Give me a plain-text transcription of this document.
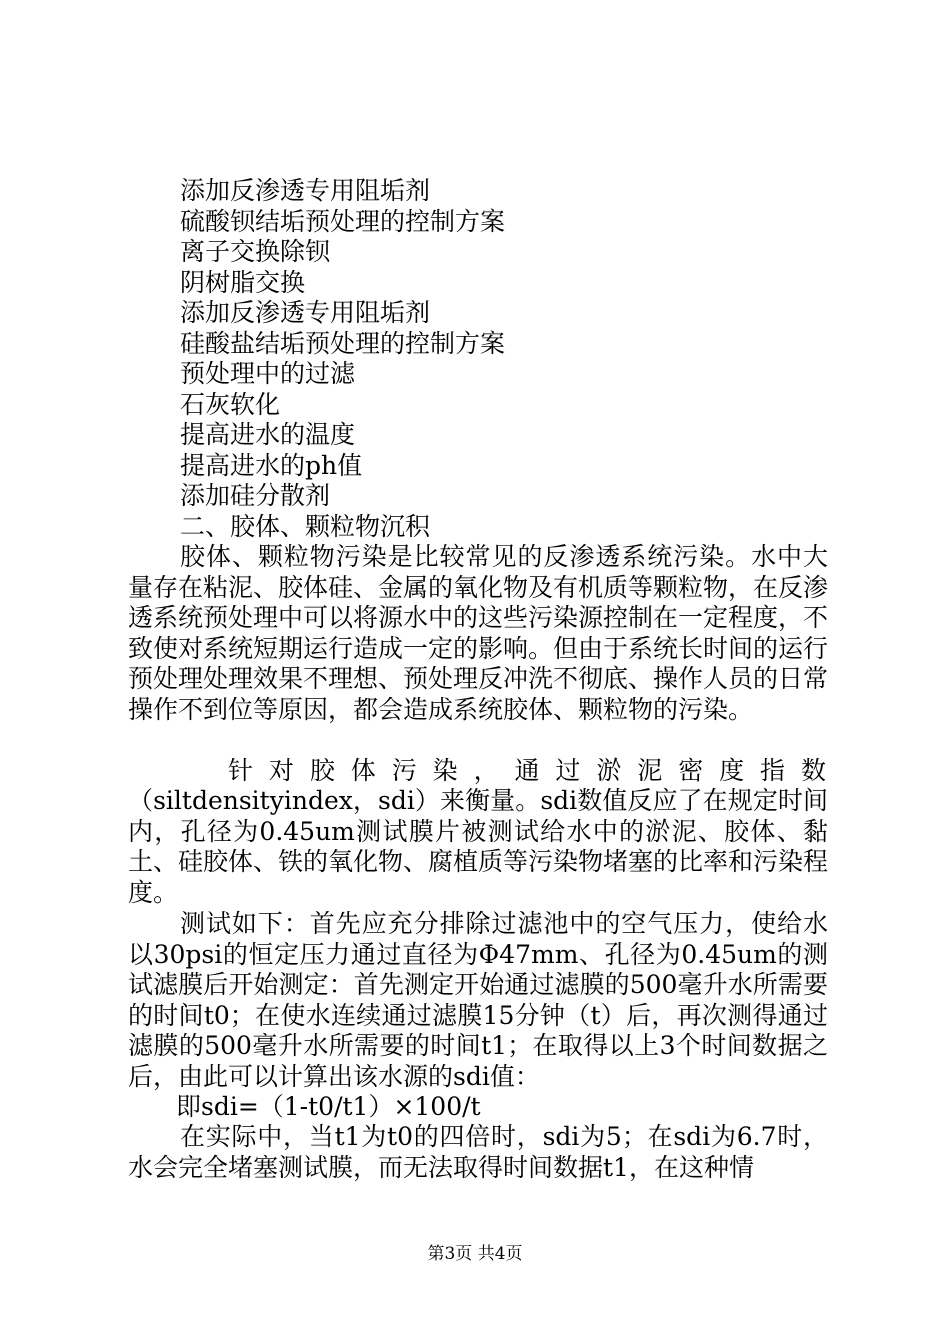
添加反渗透专用阻垢剂
硫酸钡结垢预处理的控制方案
离子交换除钡
阴树脂交换
添加反渗透专用阻垢剂
硅酸盐结垢预处理的控制方案
预处理中的过滤
石灰软化
提高进水的温度
提高进水的ph值
添加硅分散剂
二、胶体、颗粒物沉积

胶体、颗粒物污染是比较常见的反渗透系统污染。水中大量存在粘泥、胶体硅、金属的氧化物及有机质等颗粒物，在反渗透系统预处理中可以将源水中的这些污染源控制在一定程度，不致使对系统短期运行造成一定的影响。但由于系统长时间的运行预处理处理效果不理想、预处理反冲洗不彻底、操作人员的日常操作不到位等原因，都会造成系统胶体、颗粒物的污染。

针对胶体污染，通过淤泥密度指数

（siltdensityindex，sdi）来衡量。sdi数值反应了在规定时间内，孔径为0.45um测试膜片被测试给水中的淤泥、胶体、黏土、硅胶体、铁的氧化物、腐植质等污染物堵塞的比率和污染程度。

测试如下：首先应充分排除过滤池中的空气压力，使给水以30psi的恒定压力通过直径为Φ47mm、孔径为0.45um的测试滤膜后开始测定：首先测定开始通过滤膜的500毫升水所需要的时间t0；在使水连续通过滤膜15分钟（t）后，再次测得通过滤膜的500毫升水所需要的时间t1；在取得以上3个时间数据之后，由此可以计算出该水源的sdi值：

即sdi=（1-t0/t1）×100/t

在实际中，当t1为t0的四倍时，sdi为5；在sdi为6.7时，水会完全堵塞测试膜，而无法取得时间数据t1，在这种情

第3页 共4页
